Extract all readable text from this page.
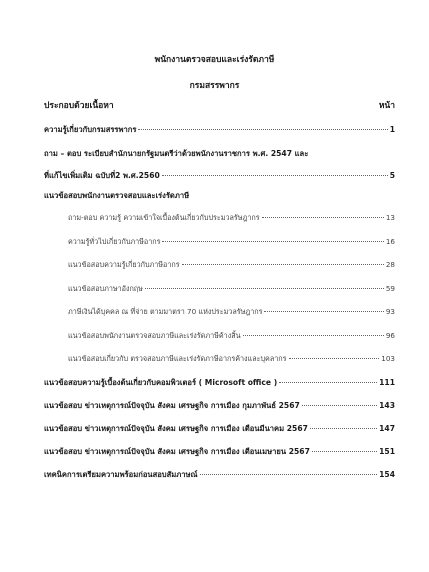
พนักงานตรวจสอบและเร่งรัดภาษี
กรมสรรพากร
ประกอบด้วยเนื้อหา	หน้า
ความรู้เกี่ยวกับกรมสรรพากร	1
ถาม – ตอบ ระเบียบสำนักนายกรัฐมนตรีว่าด้วยพนักงานราชการ พ.ศ. 2547 และ
ที่แก้ไขเพิ่มเติม ฉบับที่2 พ.ศ.2560	5
แนวข้อสอบพนักงานตรวจสอบและเร่งรัดภาษี
ถาม-ตอบ ความรู้ ความเข้าใจเบื้องต้นเกี่ยวกับประมวลรัษฎากร	13
ความรู้ทั่วไปเกี่ยวกับภาษีอากร	16
แนวข้อสอบความรู้เกี่ยวกับภาษีอากร	28
แนวข้อสอบภาษาอังกฤษ	59
ภาษีเงินได้บุคคล ณ ที่จ่าย ตามมาตรา 70 แห่งประมวลรัษฎากร	93
แนวข้อสอบพนักงานตรวจสอบภาษีและเร่งรัดภาษีค้างสิ้น	96
แนวข้อสอบเกี่ยวกับ ตรวจสอบภาษีและเร่งรัดภาษีอากรค้างและบุคลากร	103
แนวข้อสอบความรู้เบื้องต้นเกี่ยวกับคอมพิวเตอร์ ( Microsoft office )	111
แนวข้อสอบ ข่าวเหตุการณ์ปัจจุบัน สังคม เศรษฐกิจ การเมือง กุมภาพันธ์ 2567	143
แนวข้อสอบ ข่าวเหตุการณ์ปัจจุบัน สังคม เศรษฐกิจ การเมือง เดือนมีนาคม 2567	147
แนวข้อสอบ ข่าวเหตุการณ์ปัจจุบัน สังคม เศรษฐกิจ การเมือง เดือนเมษายน 2567	151
เทคนิคการเตรียมความพร้อมก่อนสอบสัมภาษณ์	154
